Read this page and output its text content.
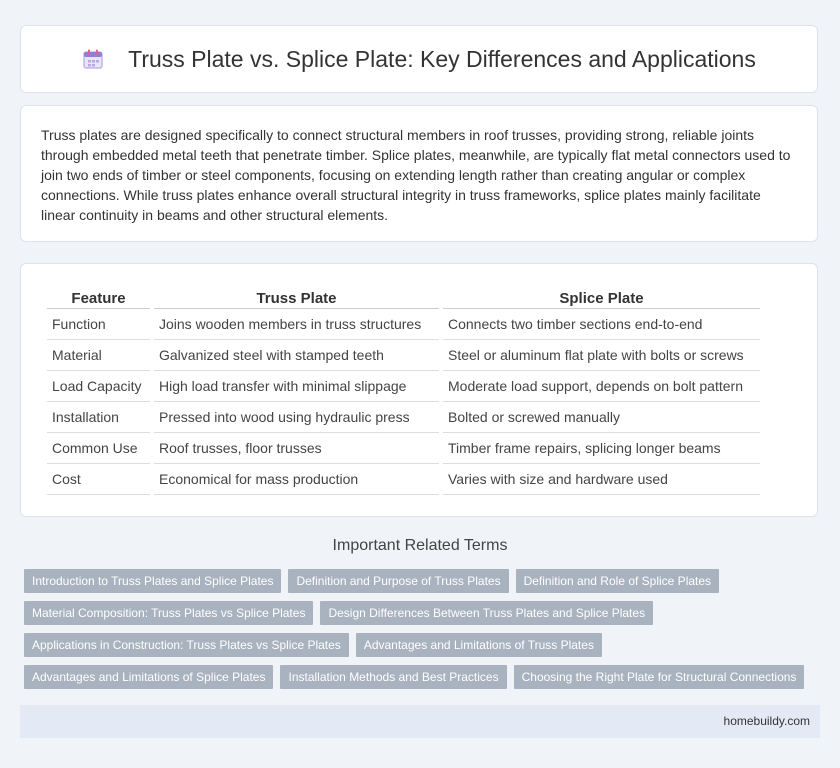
Truss Plate vs. Splice Plate: Key Differences and Applications

Truss plates are designed specifically to connect structural members in roof trusses, providing strong, reliable joints through embedded metal teeth that penetrate timber. Splice plates, meanwhile, are typically flat metal connectors used to join two ends of timber or steel components, focusing on extending length rather than creating angular or complex connections. While truss plates enhance overall structural integrity in truss frameworks, splice plates mainly facilitate linear continuity in beams and other structural elements.

Feature	Truss Plate	Splice Plate
Function	Joins wooden members in truss structures	Connects two timber sections end-to-end
Material	Galvanized steel with stamped teeth	Steel or aluminum flat plate with bolts or screws
Load Capacity	High load transfer with minimal slippage	Moderate load support, depends on bolt pattern
Installation	Pressed into wood using hydraulic press	Bolted or screwed manually
Common Use	Roof trusses, floor trusses	Timber frame repairs, splicing longer beams
Cost	Economical for mass production	Varies with size and hardware used
Important Related Terms
Introduction to Truss Plates and Splice Plates	Definition and Purpose of Truss Plates	Definition and Role of Splice Plates
Material Composition: Truss Plates vs Splice Plates	Design Differences Between Truss Plates and Splice Plates
Applications in Construction: Truss Plates vs Splice Plates	Advantages and Limitations of Truss Plates
Advantages and Limitations of Splice Plates	Installation Methods and Best Practices	Choosing the Right Plate for Structural Connections
homebuildy.com
